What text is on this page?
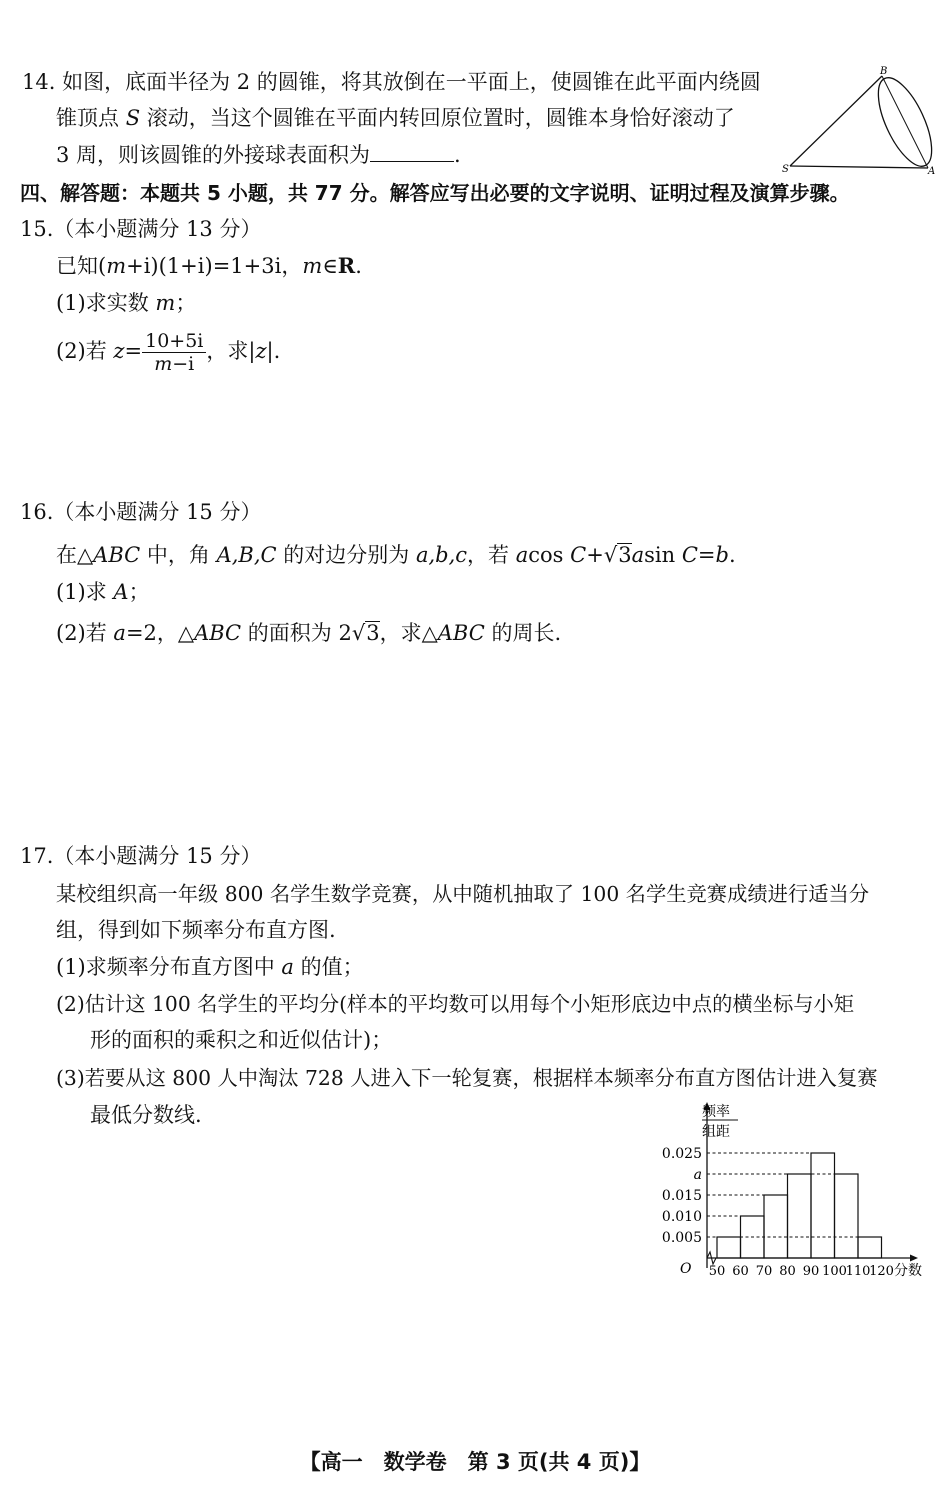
14. 如图，底面半径为 2 的圆锥，将其放倒在一平面上，使圆锥在此平面内绕圆
锥顶点 S 滚动，当这个圆锥在平面内转回原位置时，圆锥本身恰好滚动了
3 周，则该圆锥的外接球表面积为	.
B
S	A
四、解答题：本题共 5 小题，共 77 分。解答应写出必要的文字说明、证明过程及演算步骤。
15.（本小题满分 13 分）
已知(m+i)(1+i)=1+3i，m∈R.
(1)求实数 m；
(2)若 $z= \frac{10+5i}{m-i}$ ，求|z|.
16.（本小题满分 15 分）
在△ABC 中，角 A,B,C 的对边分别为 a,b,c，若 acos C+√3asin C=b.
(1)求 A；
(2)若 a=2，△ABC 的面积为 2√3，求△ABC 的周长.
17.（本小题满分 15 分）
某校组织高一年级 800 名学生数学竞赛，从中随机抽取了 100 名学生竞赛成绩进行适当分
组，得到如下频率分布直方图.
(1)求频率分布直方图中 a 的值；
(2)估计这 100 名学生的平均分(样本的平均数可以用每个小矩形底边中点的横坐标与小矩
形的面积的乘积之和近似估计)；
(3)若要从这 800 人中淘汰 728 人进入下一轮复赛，根据样本频率分布直方图估计进入复赛
最低分数线.	频率
组距
O	分数
0.005
0.010
0.015
a
0.025
50 60 70 80 90 100
110
120
【高一　数学卷　第 3 页(共 4 页)】
